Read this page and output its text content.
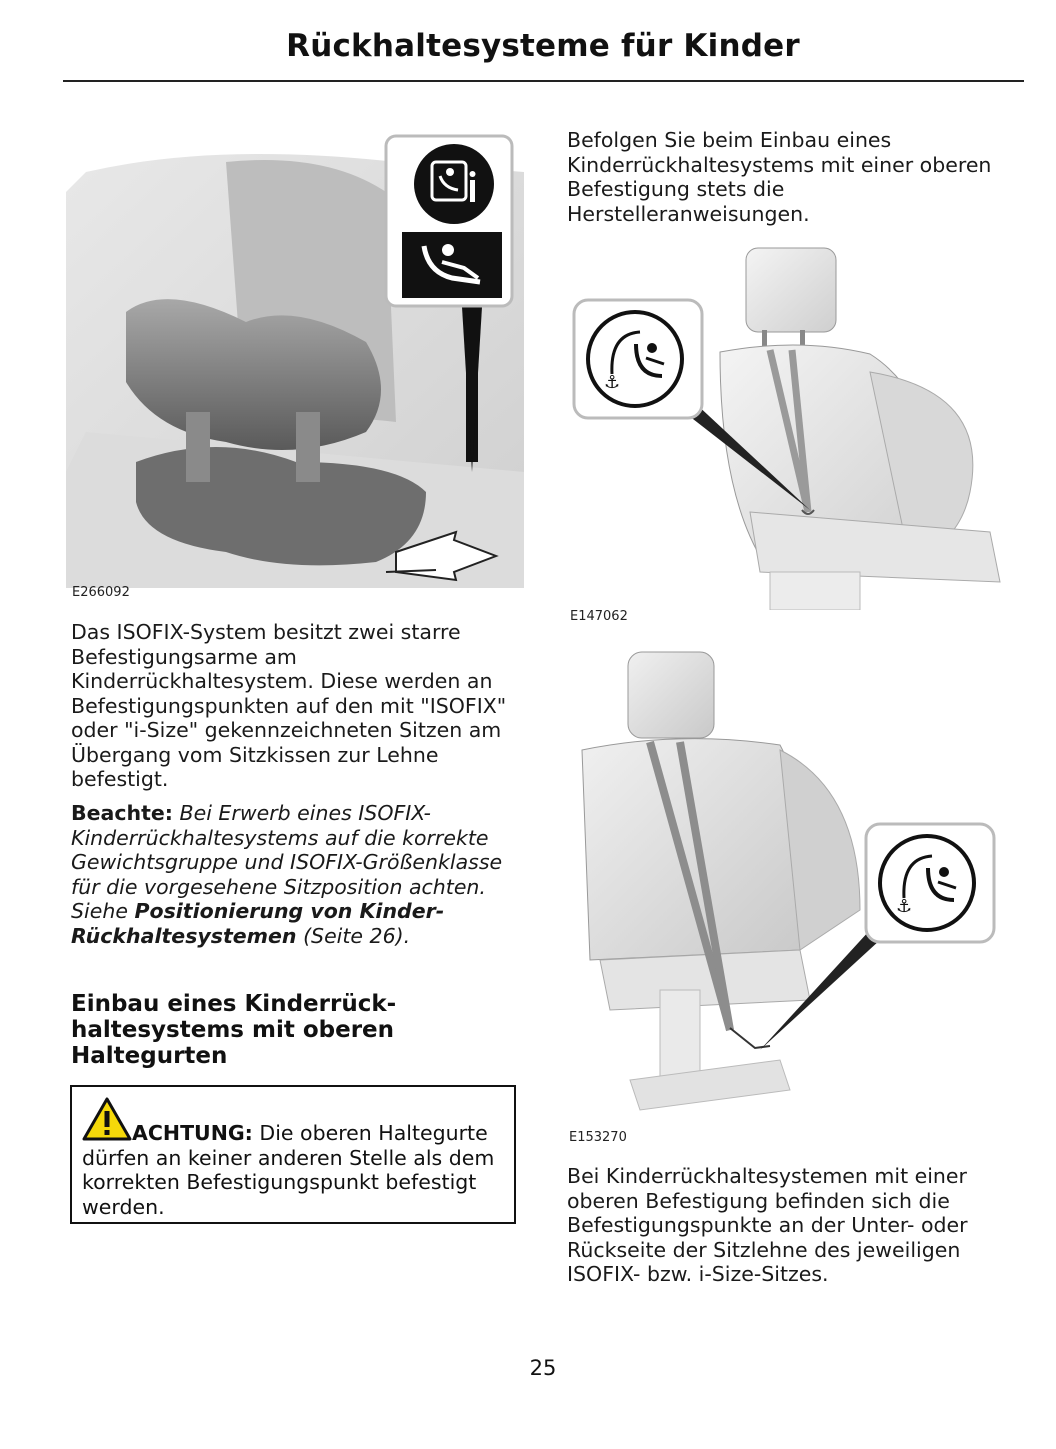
Rückhaltesysteme für Kinder
E266092
Das ISOFIX-System besitzt zwei starre Befestigungsarme am Kinderrückhaltesystem. Diese werden an Befestigungspunkten auf den mit "ISOFIX" oder "i-Size" gekennzeichneten Sitzen am Übergang vom Sitzkissen zur Lehne befestigt.
Beachte: Bei Erwerb eines ISOFIX-Kinderrückhaltesystems auf die korrekte Gewichtsgruppe und ISOFIX-Größenklasse für die vorgesehene Sitzposition achten. Siehe Positionierung von Kinder-Rückhaltesystemen (Seite 26).
Einbau eines Kinderrück-
haltesystems mit oberen
Haltegurten
ACHTUNG: Die oberen Haltegurte dürfen an keiner anderen Stelle als dem korrekten Befestigungspunkt befestigt werden.
Befolgen Sie beim Einbau eines Kinderrückhaltesystems mit einer oberen Befestigung stets die Herstelleranweisungen.
⚓
E147062
⚓
E153270
Bei Kinderrückhaltesystemen mit einer oberen Befestigung befinden sich die Befestigungspunkte an der Unter- oder Rückseite der Sitzlehne des jeweiligen ISOFIX- bzw. i-Size-Sitzes.
25
